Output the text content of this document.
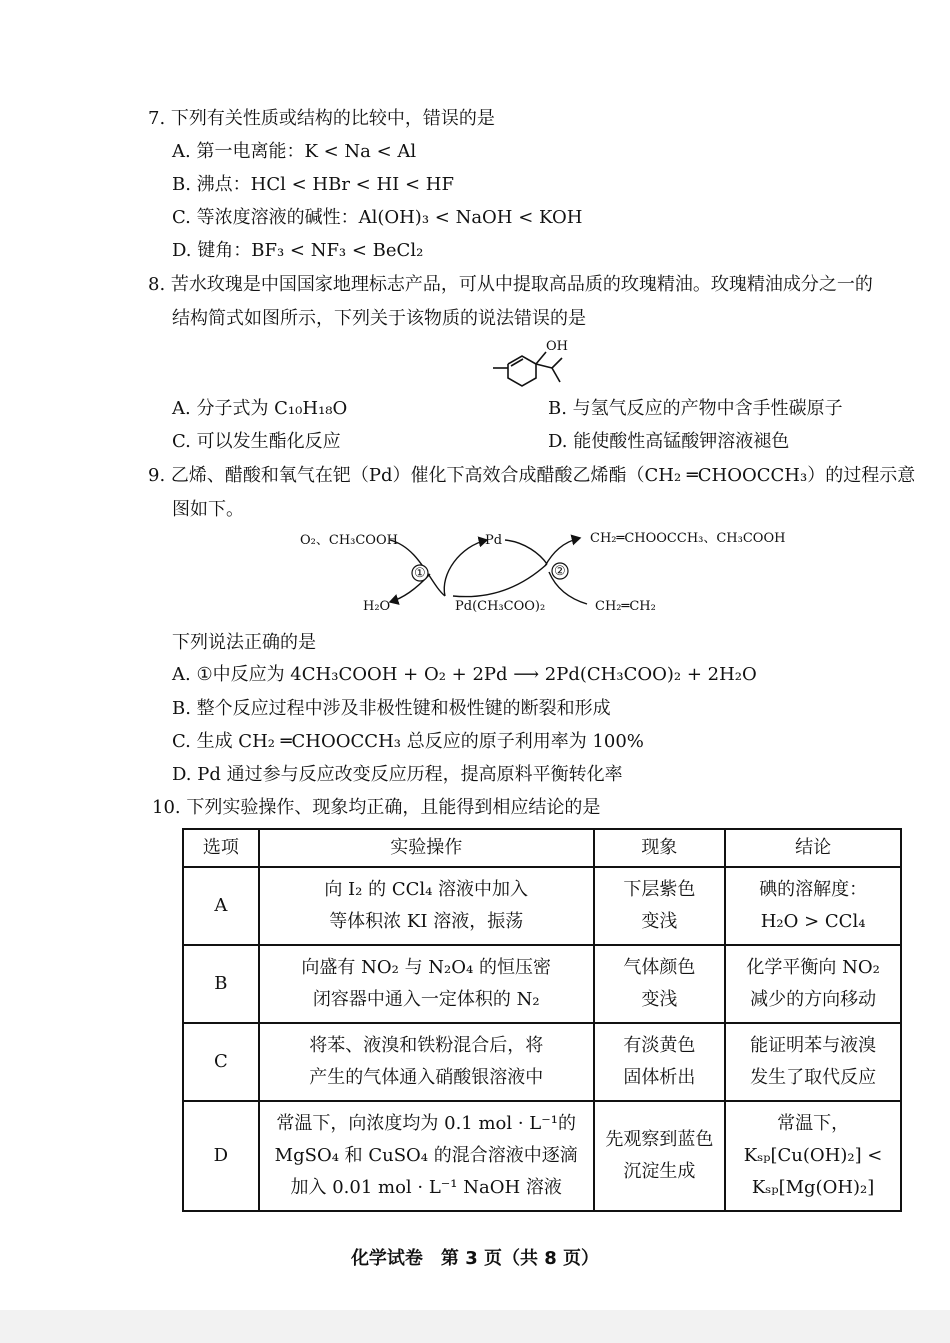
7. 下列有关性质或结构的比较中，错误的是
A. 第一电离能：K < Na < Al
B. 沸点：HCl < HBr < HI < HF
C. 等浓度溶液的碱性：Al(OH)₃ < NaOH < KOH
D. 键角：BF₃ < NF₃ < BeCl₂
8. 苦水玫瑰是中国国家地理标志产品，可从中提取高品质的玫瑰精油。玫瑰精油成分之一的
结构简式如图所示，下列关于该物质的说法错误的是
OH
A. 分子式为 C₁₀H₁₈O	B. 与氢气反应的产物中含手性碳原子
C. 可以发生酯化反应	D. 能使酸性高锰酸钾溶液褪色
9. 乙烯、醋酸和氧气在钯（Pd）催化下高效合成醋酸乙烯酯（CH₂ ═CHOOCCH₃）的过程示意
图如下。
①	②
O₂、CH₃COOH	Pd	CH₂═CHOOCCH₃、CH₃COOH
H₂O	Pd(CH₃COO)₂	CH₂═CH₂
下列说法正确的是
A. ①中反应为 4CH₃COOH + O₂ + 2Pd ⟶ 2Pd(CH₃COO)₂ + 2H₂O
B. 整个反应过程中涉及非极性键和极性键的断裂和形成
C. 生成 CH₂ ═CHOOCCH₃ 总反应的原子利用率为 100%
D. Pd 通过参与反应改变反应历程，提高原料平衡转化率
10. 下列实验操作、现象均正确，且能得到相应结论的是
选项	实验操作	现象	结论
A	向 I₂ 的 CCl₄ 溶液中加入
等体积浓 KI 溶液，振荡	下层紫色
变浅	碘的溶解度：
H₂O > CCl₄

B	向盛有 NO₂ 与 N₂O₄ 的恒压密
闭容器中通入一定体积的 N₂	气体颜色
变浅	化学平衡向 NO₂
减少的方向移动

C	将苯、液溴和铁粉混合后，将
产生的气体通入硝酸银溶液中	有淡黄色
固体析出	能证明苯与液溴
发生了取代反应

D	常温下，向浓度均为 0.1 mol · L⁻¹的
MgSO₄ 和 CuSO₄ 的混合溶液中逐滴
加入 0.01 mol · L⁻¹ NaOH 溶液	先观察到蓝色
沉淀生成	常温下，
Kₛₚ[Cu(OH)₂] <
Kₛₚ[Mg(OH)₂]
化学试卷　第 3 页（共 8 页）
